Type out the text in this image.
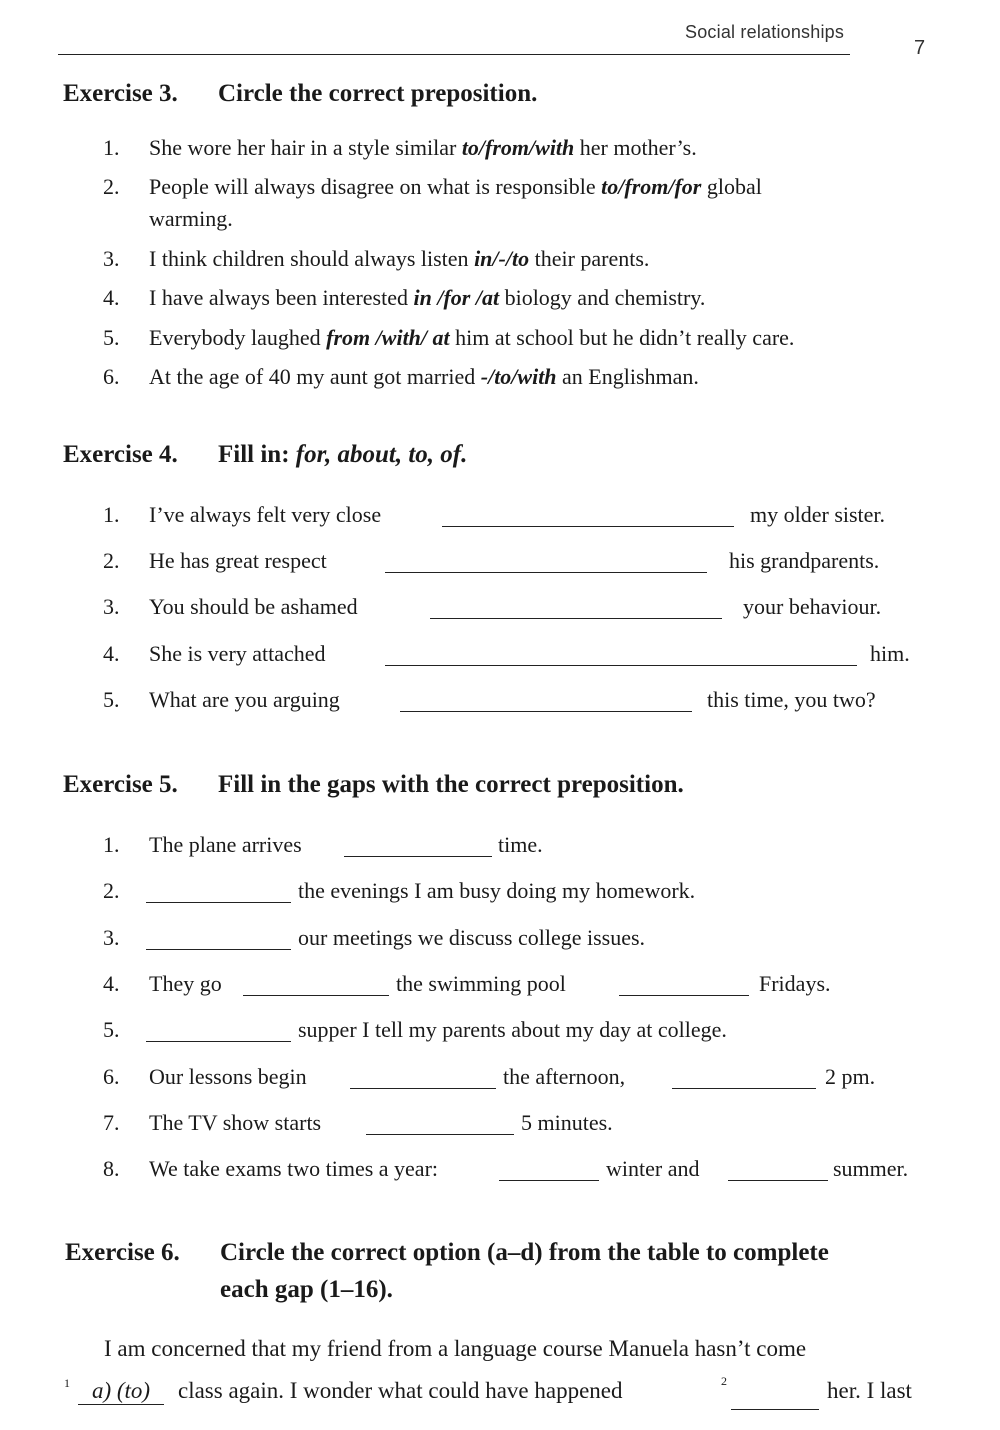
Social relationships
7
Exercise 3. Circle the correct preposition.
1. She wore her hair in a style similar to/from/with her mother’s.
2. People will always disagree on what is responsible to/from/for global
warming.
3. I think children should always listen in/-/to their parents.
4. I have always been interested in /for /at biology and chemistry.
5. Everybody laughed from /with/ at him at school but he didn’t really care.
6. At the age of 40 my aunt got married -/to/with an Englishman.
Exercise 4. Fill in: for, about, to, of.
1. I’ve always felt very close	my older sister.
2. He has great respect	his grandparents.
3. You should be ashamed	your behaviour.
4. She is very attached	him.
5. What are you arguing	this time, you two?
Exercise 5. Fill in the gaps with the correct preposition.
1. The plane arrives	time.
2.	the evenings I am busy doing my homework.
3.	our meetings we discuss college issues.
4. They go	the swimming pool	Fridays.
5.	supper I tell my parents about my day at college.
6. Our lessons begin	the afternoon,	2 pm.
7. The TV show starts	5 minutes.
8. We take exams two times a year:	winter and	summer.
Exercise 6. Circle the correct option (a–d) from the table to complete
each gap (1–16).
I am concerned that my friend from a language course Manuela hasn’t come
1 a) (to)	class again. I wonder what could have happened	2	her. I last
